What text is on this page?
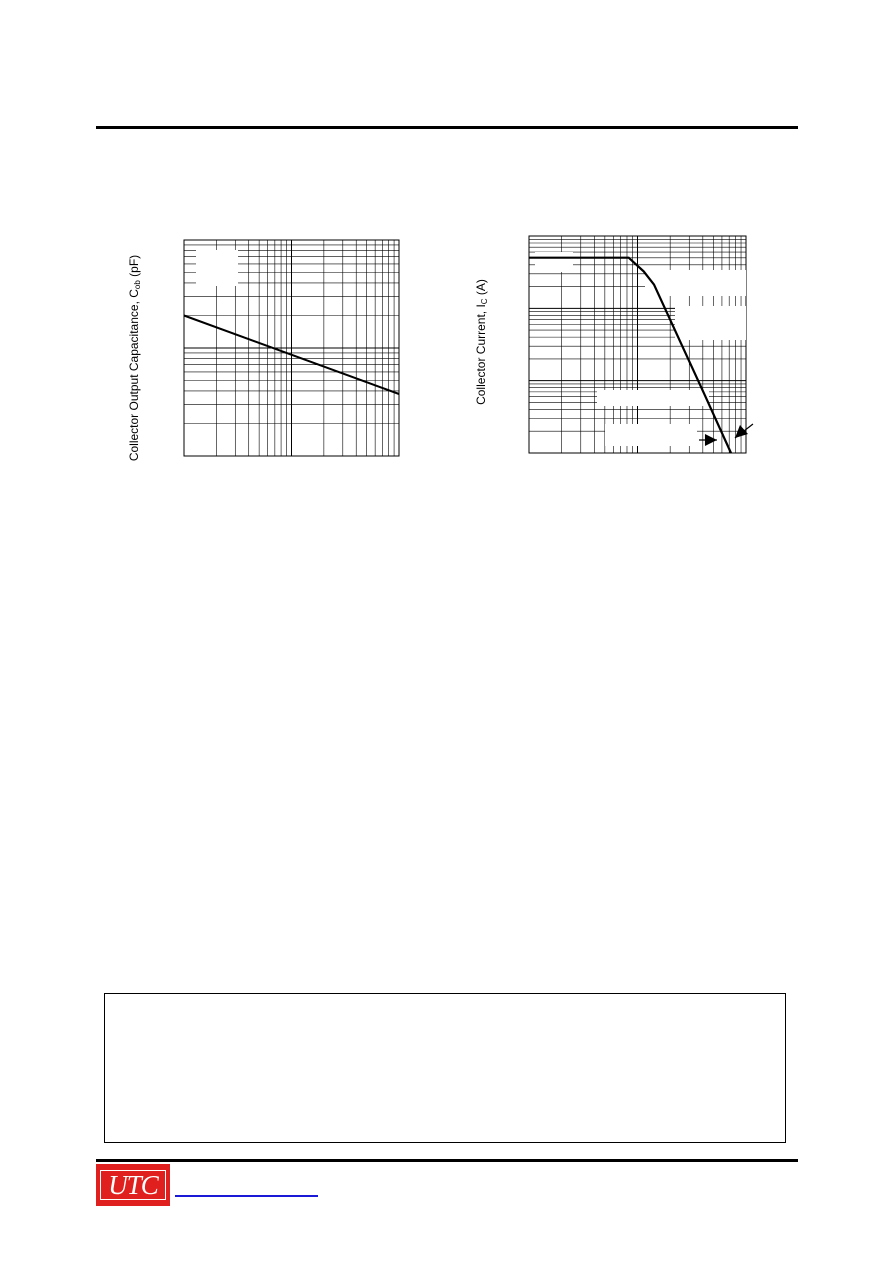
Collector Output Capacitance, Cob (pF)
Collector Current, IC (A)
UTC
